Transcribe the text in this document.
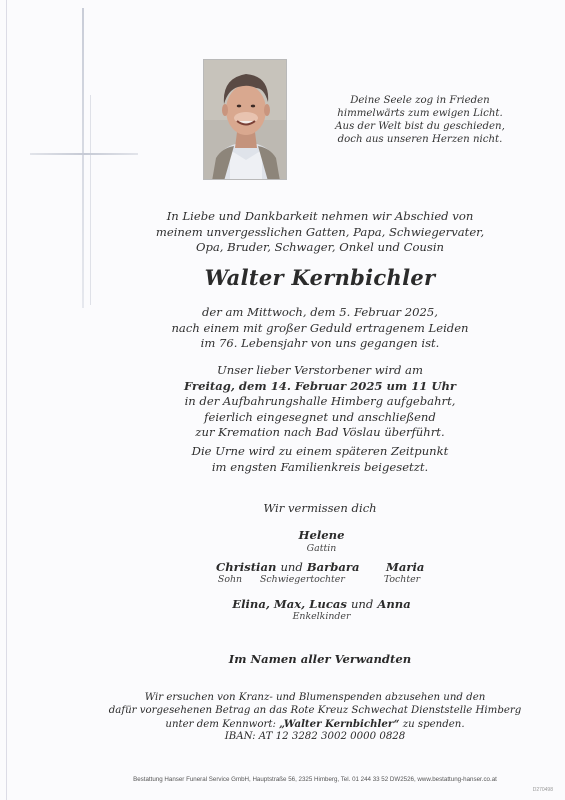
Deine Seele zog in Frieden
himmelwärts zum ewigen Licht.
Aus der Welt bist du geschieden,
doch aus unseren Herzen nicht.
In Liebe und Dankbarkeit nehmen wir Abschied von
meinem unvergesslichen Gatten, Papa, Schwiegervater,
Opa, Bruder, Schwager, Onkel und Cousin
Walter Kernbichler
der am Mittwoch, dem 5. Februar 2025,
nach einem mit großer Geduld ertragenem Leiden
im 76. Lebensjahr von uns gegangen ist.
Unser lieber Verstorbener wird am
Freitag, dem 14. Februar 2025 um 11 Uhr
in der Aufbahrungshalle Himberg aufgebahrt,
feierlich eingesegnet und anschließend
zur Kremation nach Bad Vöslau überführt.
Die Urne wird zu einem späteren Zeitpunkt
im engsten Familienkreis beigesetzt.
Wir vermissen dich
Helene
Gattin
Christian und Barbara
Sohn Schwiegertochter
Maria
Tochter
Elina, Max, Lucas und Anna
Enkelkinder
Im Namen aller Verwandten
Wir ersuchen von Kranz- und Blumenspenden abzusehen und den
dafür vorgesehenen Betrag an das Rote Kreuz Schwechat Dienststelle Himberg
unter dem Kennwort: „Walter Kernbichler“ zu spenden.
IBAN: AT 12 3282 3002 0000 0828
Bestattung Hanser Funeral Service GmbH, Hauptstraße 56, 2325 Himberg, Tel. 01 244 33 52 DW2526, www.bestattung-hanser.co.at
D270498
